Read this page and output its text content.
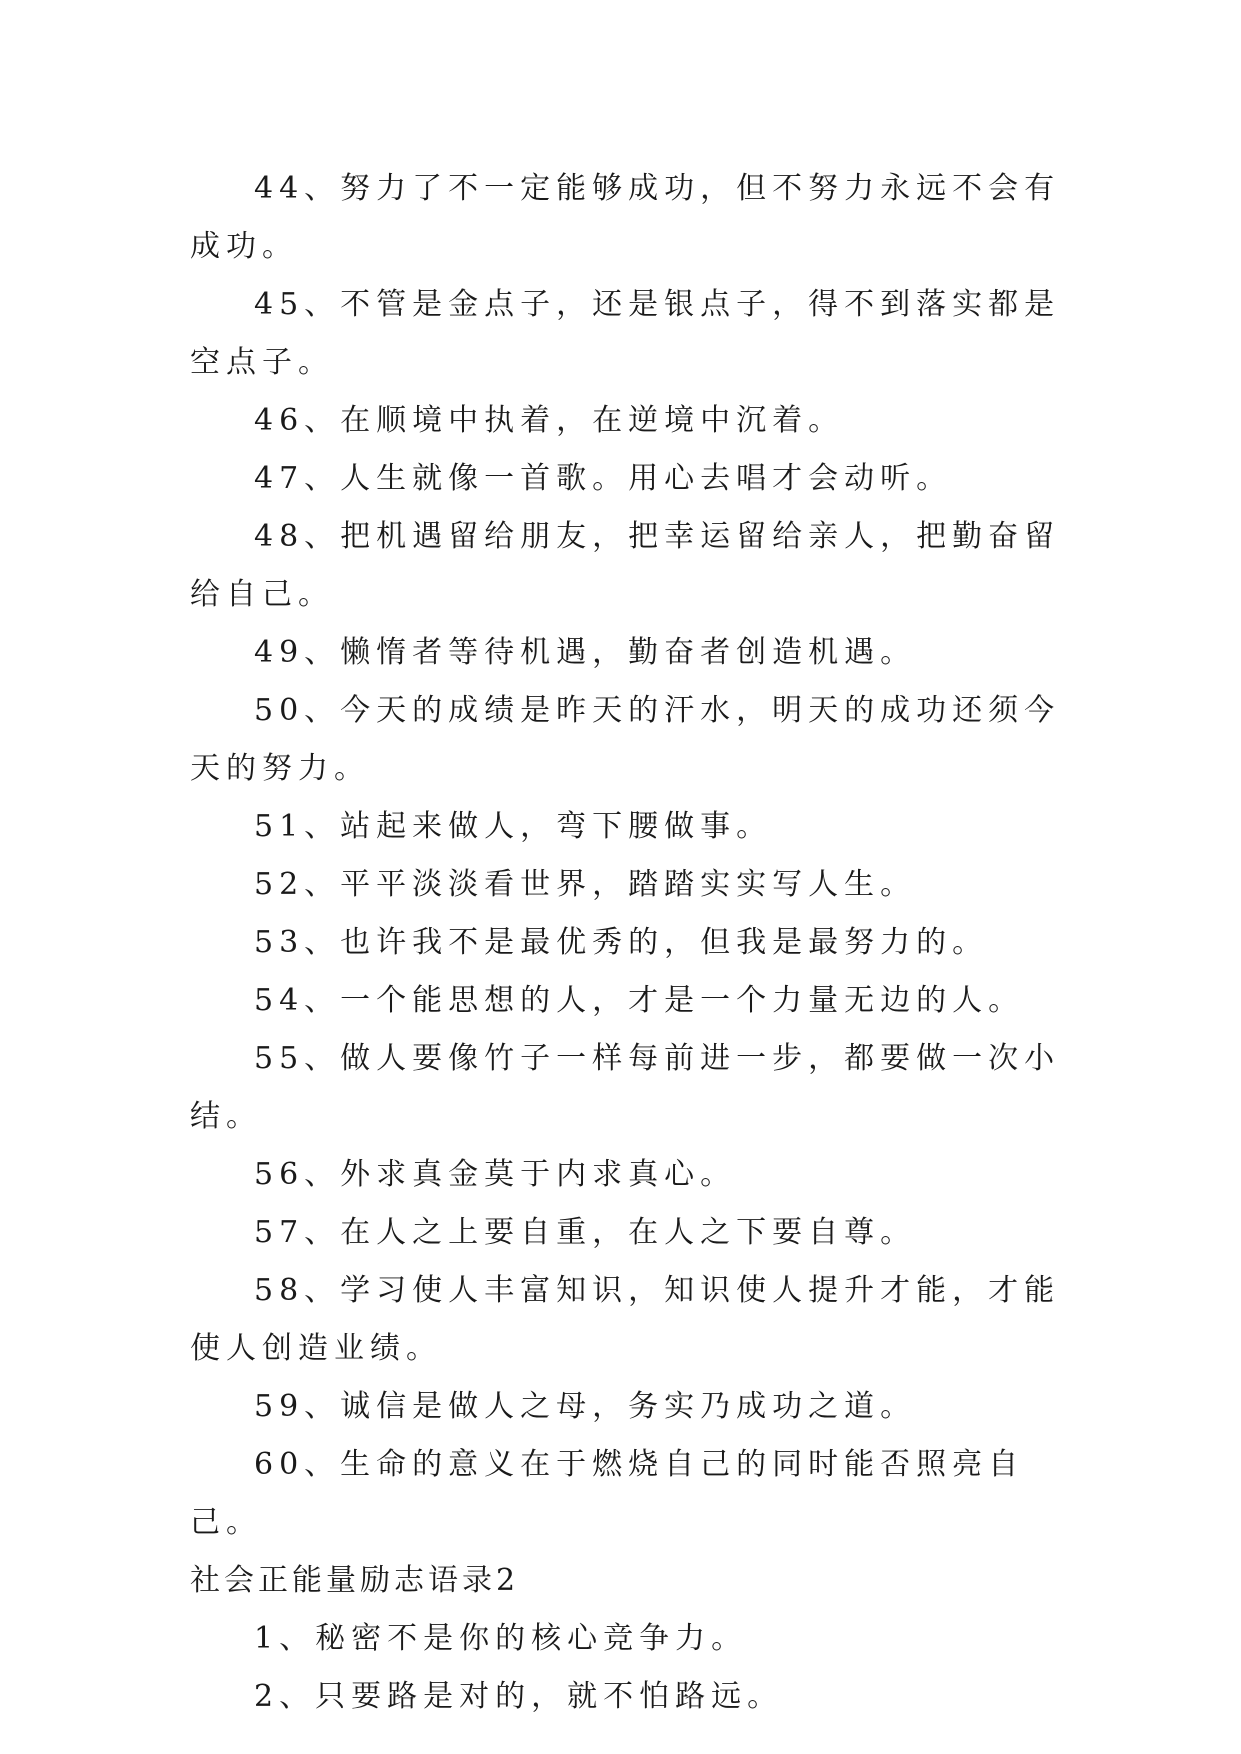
44、努力了不一定能够成功，但不努力永远不会有成功。

45、不管是金点子，还是银点子，得不到落实都是空点子。

46、在顺境中执着，在逆境中沉着。

47、人生就像一首歌。用心去唱才会动听。

48、把机遇留给朋友，把幸运留给亲人，把勤奋留给自己。

49、懒惰者等待机遇，勤奋者创造机遇。

50、今天的成绩是昨天的汗水，明天的成功还须今天的努力。

51、站起来做人，弯下腰做事。

52、平平淡淡看世界，踏踏实实写人生。

53、也许我不是最优秀的，但我是最努力的。

54、一个能思想的人，才是一个力量无边的人。

55、做人要像竹子一样每前进一步，都要做一次小结。

56、外求真金莫于内求真心。

57、在人之上要自重，在人之下要自尊。

58、学习使人丰富知识，知识使人提升才能，才能使人创造业绩。

59、诚信是做人之母，务实乃成功之道。

60、生命的意义在于燃烧自己的同时能否照亮自己。

社会正能量励志语录2

1、秘密不是你的核心竞争力。

2、只要路是对的，就不怕路远。
